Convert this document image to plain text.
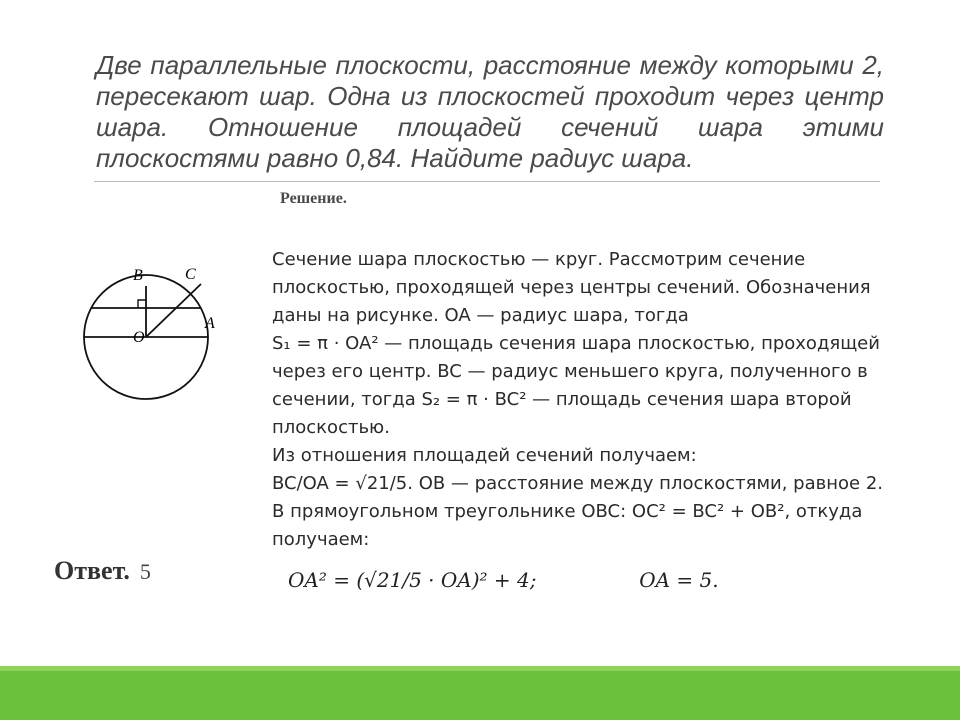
Две параллельные плоскости, расстояние между которыми 2, пересекают шар. Одна из плоскостей проходит через центр шара. Отношение площадей сечений шара этими плоскостями равно 0,84. Найдите радиус шара.

B	C
O
A

Решение.

Сечение шара плоскостью — круг. Рассмотрим сечение

плоскостью, проходящей через центры сечений. Обозначения

даны на рисунке. OA — радиус шара, тогда

S₁ = π · OA² — площадь сечения шара плоскостью, проходящей

через его центр. BC — радиус меньшего круга, полученного в

сечении, тогда S₂ = π · BC² — площадь сечения шара второй

плоскостью.

Из отношения площадей сечений получаем:

BC/OA = √21/5. OB — расстояние между плоскостями, равное 2.

В прямоугольном треугольнике OBC: OC² = BC² + OB², откуда

получаем:

OA² = (√21/5 · OA)² + 4;	OA = 5.
Ответ. 5
